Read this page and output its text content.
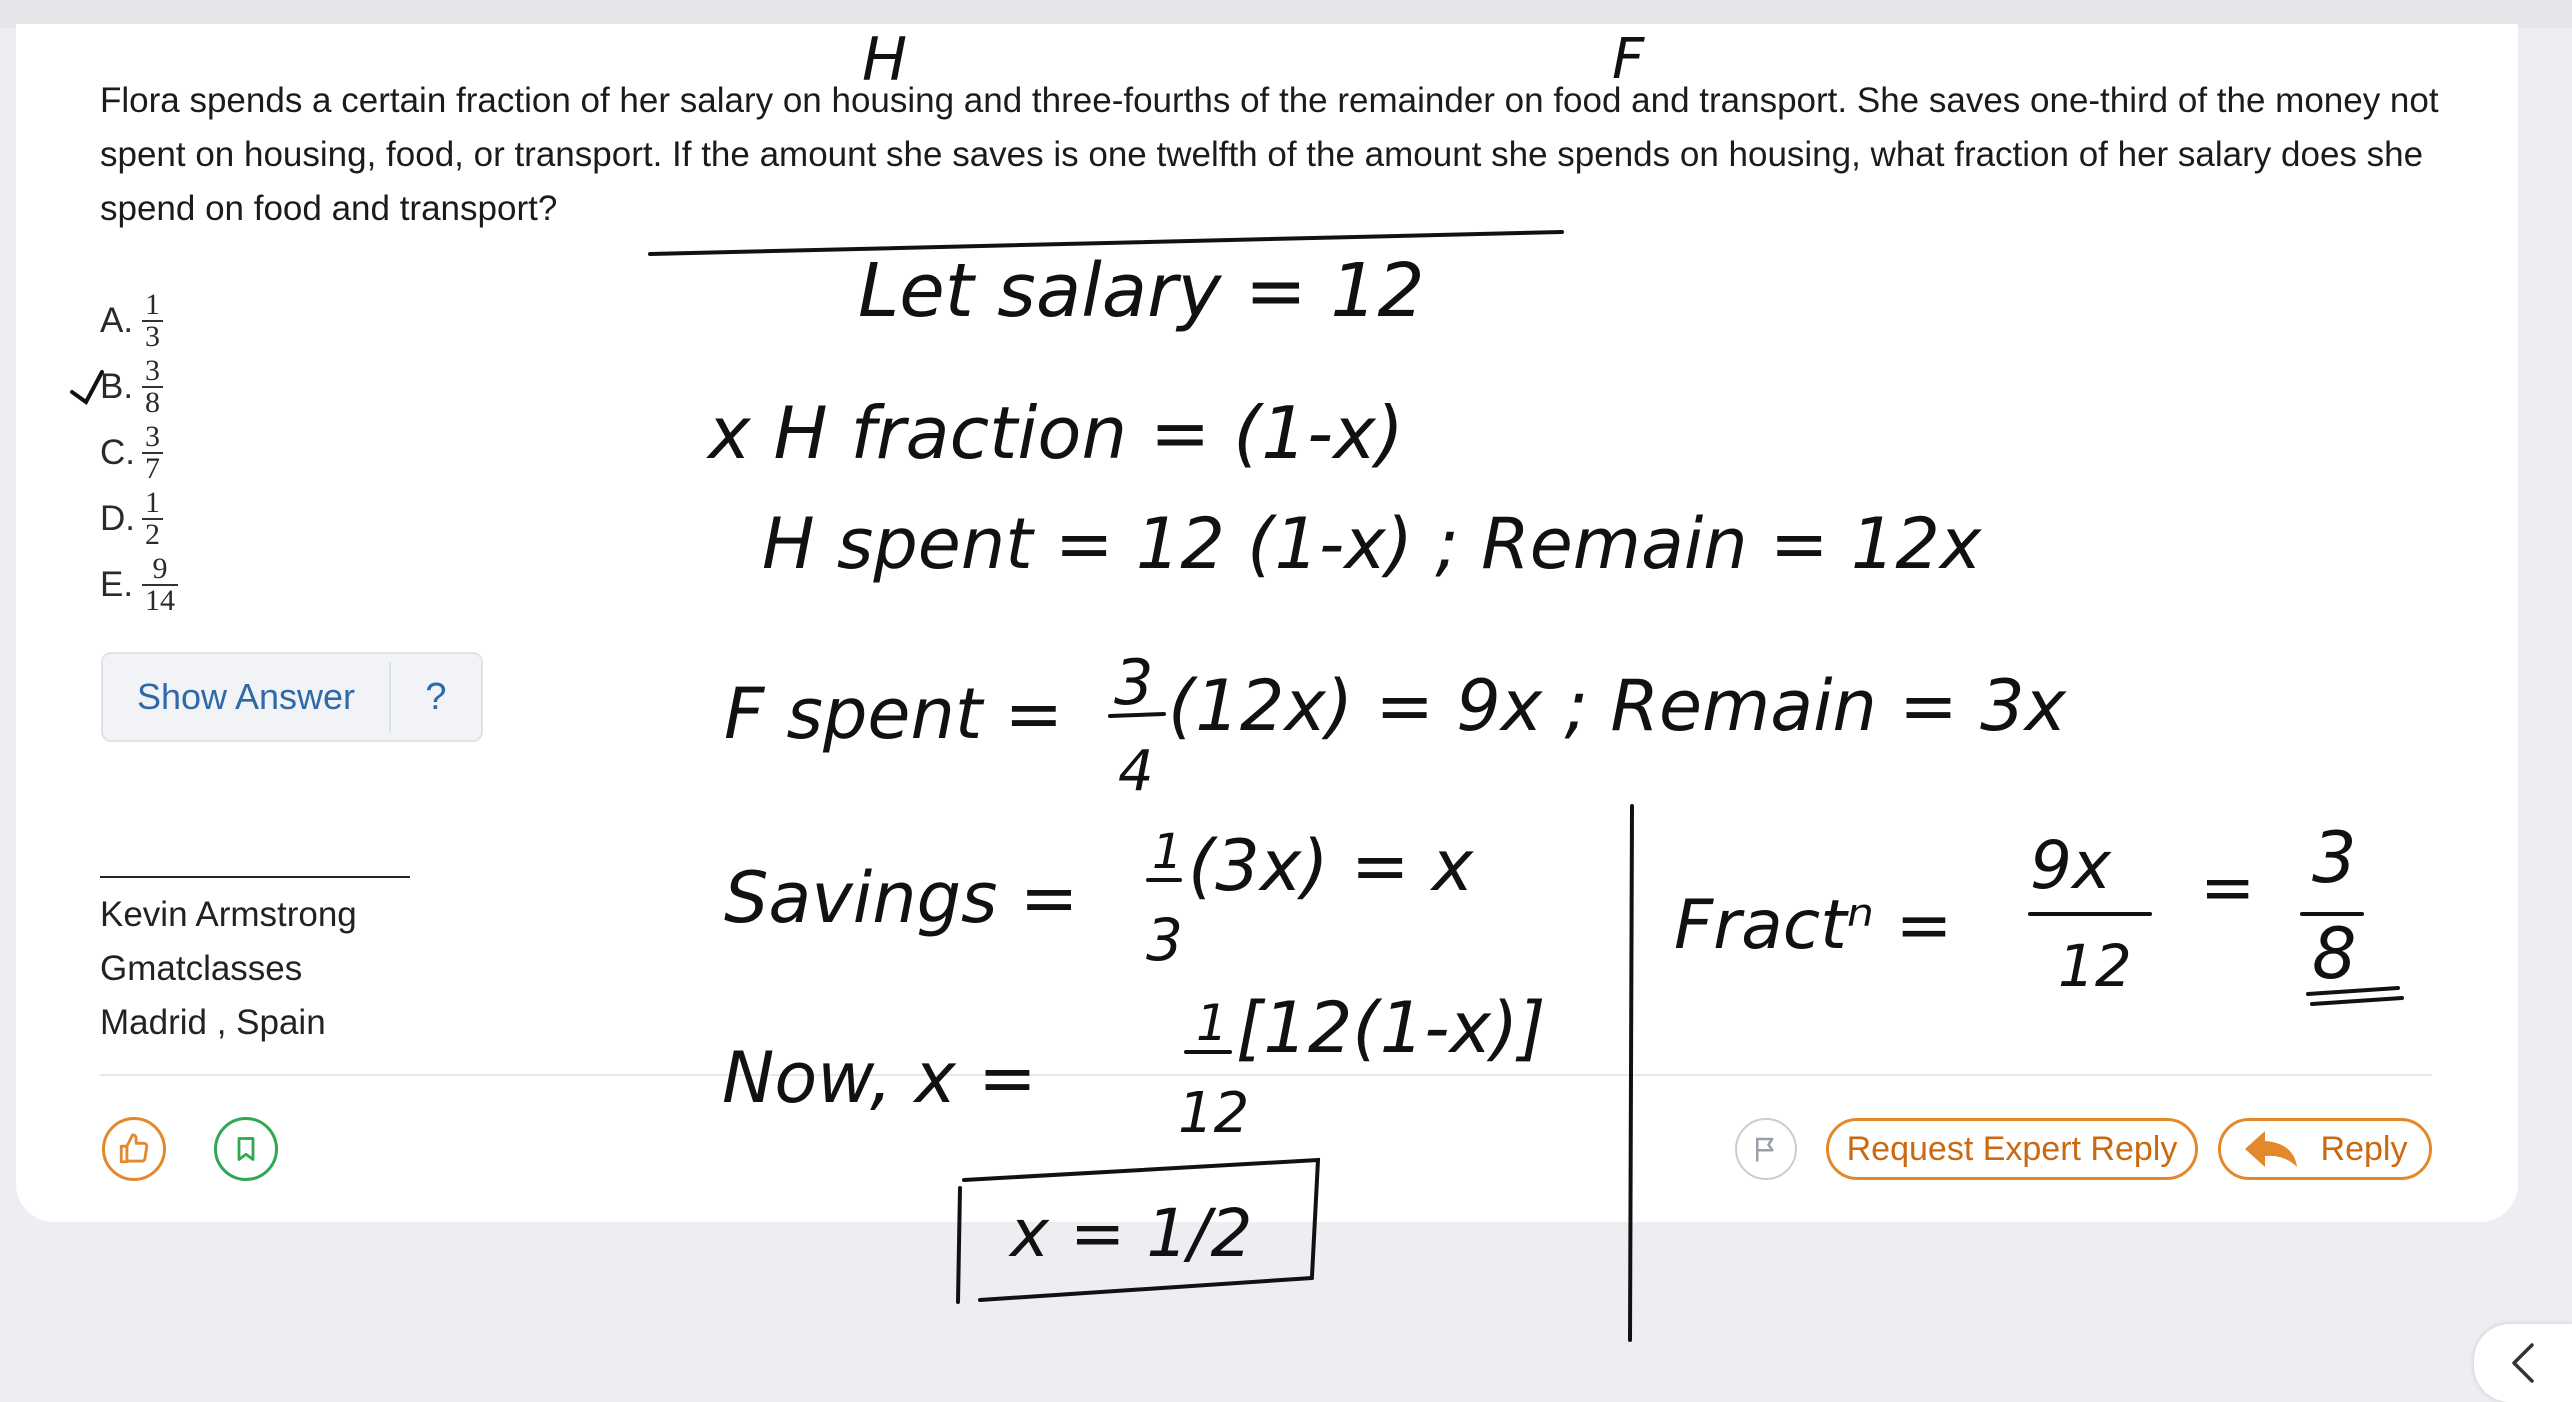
Flora spends a certain fraction of her salary on housing and three-fourths of the remainder on food and transport. She saves one-third of the money not spent on housing, food, or transport. If the amount she saves is one twelfth of the amount she spends on housing, what fraction of her salary does she spend on food and transport?
A. $\frac{1}{3}$
B. $\frac{3}{8}$
C. $\frac{3}{7}$
D. $\frac{1}{2}$
E. $\frac{9}{14}$
Show Answer	?
Kevin Armstrong
Gmatclasses
Madrid , Spain
Request Expert Reply	Reply
H	F
Let salary = 12
x H fraction = (1-x)
H spent = 12 (1-x) ; Remain = 12x
F spent = 3
4
(12x) = 9x ; Remain = 3x
Savings =
1
3
(3x) = x
Now, x =
1
12
[12(1-x)]
x = 1/2
Fractⁿ =
9x
12
= 3
8
